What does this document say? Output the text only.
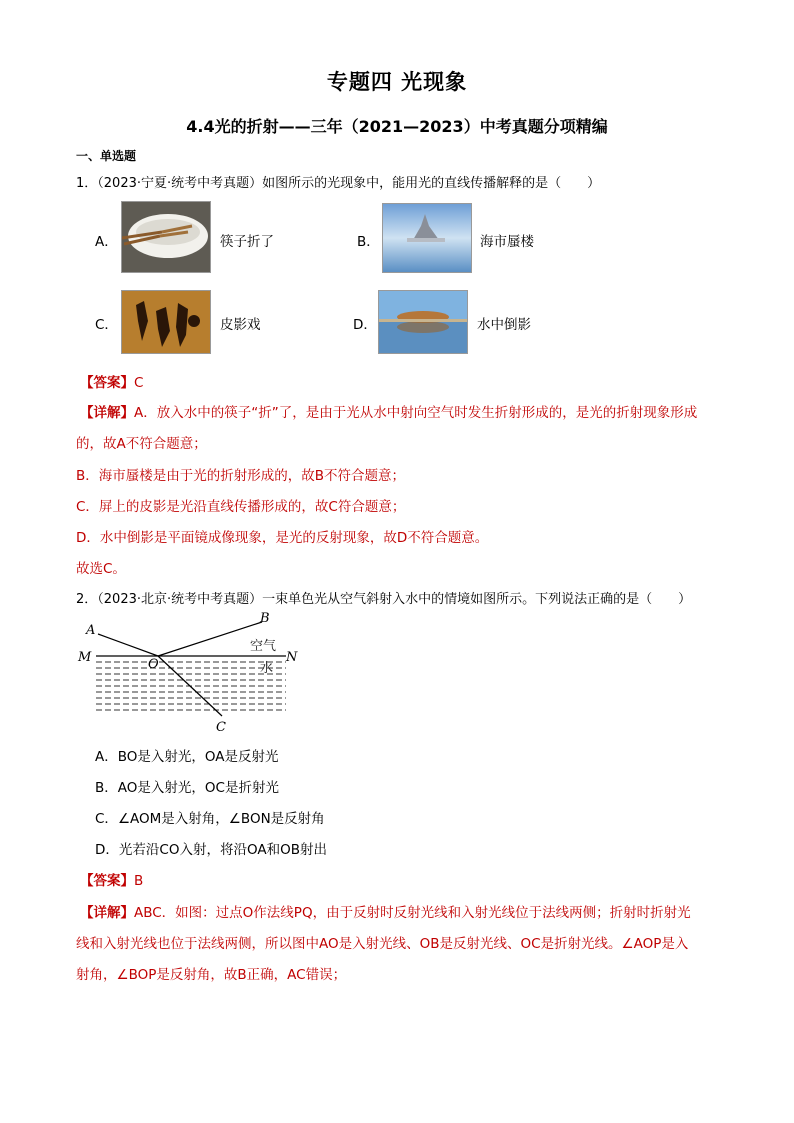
专题四 光现象
4.4光的折射——三年（2021—2023）中考真题分项精编
一、单选题
1．（2023·宁夏·统考中考真题）如图所示的光现象中，能用光的直线传播解释的是（　　）
A．	筷子折了	B．	海市蜃楼
C．	皮影戏	D．	水中倒影
【答案】C
【详解】A．放入水中的筷子“折”了，是由于光从水中射向空气时发生折射形成的，是光的折射现象形成
的，故A不符合题意；
B．海市蜃楼是由于光的折射形成的，故B不符合题意；
C．屏上的皮影是光沿直线传播形成的，故C符合题意；
D．水中倒影是平面镜成像现象，是光的反射现象，故D不符合题意。
故选C。
2．（2023·北京·统考中考真题）一束单色光从空气斜射入水中的情境如图所示。下列说法正确的是（　　）
A
B
M	N
O
C
空气
水
A．BO是入射光，OA是反射光
B．AO是入射光，OC是折射光
C．∠AOM是入射角，∠BON是反射角
D．光若沿CO入射，将沿OA和OB射出
【答案】B
【详解】ABC．如图：过点O作法线PQ，由于反射时反射光线和入射光线位于法线两侧；折射时折射光
线和入射光线也位于法线两侧，所以图中AO是入射光线、OB是反射光线、OC是折射光线。∠AOP是入
射角，∠BOP是反射角，故B正确，AC错误；
